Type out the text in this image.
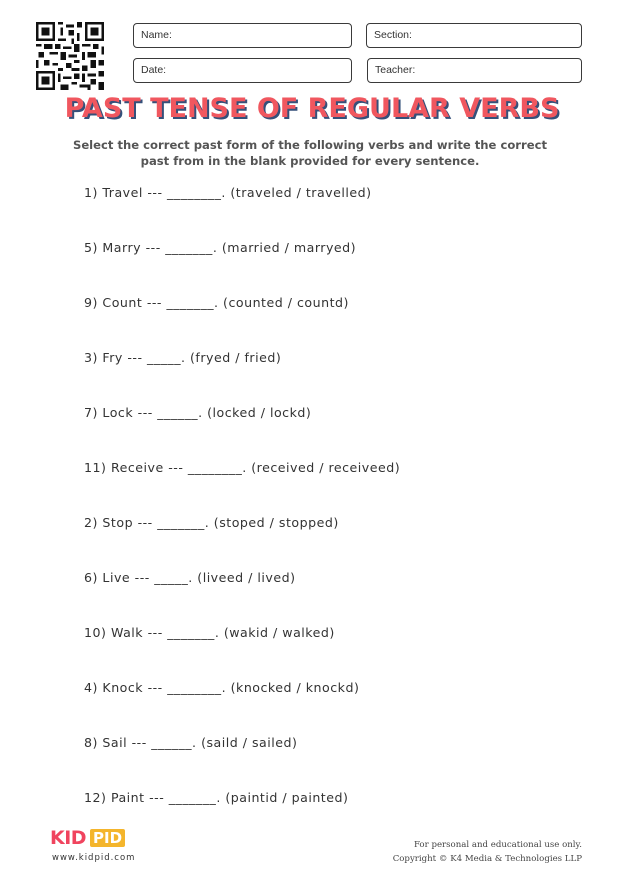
Name:	Section:
Date:	Teacher:
PAST TENSE OF REGULAR VERBS
Select the correct past form of the following verbs and write the correct
past from in the blank provided for every sentence.
1) Travel --- ________. (traveled / travelled)
5) Marry --- _______. (married / marryed)
9) Count --- _______. (counted / countd)
3) Fry --- _____. (fryed / fried)
7) Lock --- ______. (locked / lockd)
11) Receive --- ________. (received / receiveed)
2) Stop --- _______. (stoped / stopped)
6) Live --- _____. (liveed / lived)
10) Walk --- _______. (wakid / walked)
4) Knock --- ________. (knocked / knockd)
8) Sail --- ______. (saild / sailed)
12) Paint --- _______. (paintid / painted)
KID PID
www.kidpid.com
For personal and educational use only.
Copyright © K4 Media & Technologies LLP
